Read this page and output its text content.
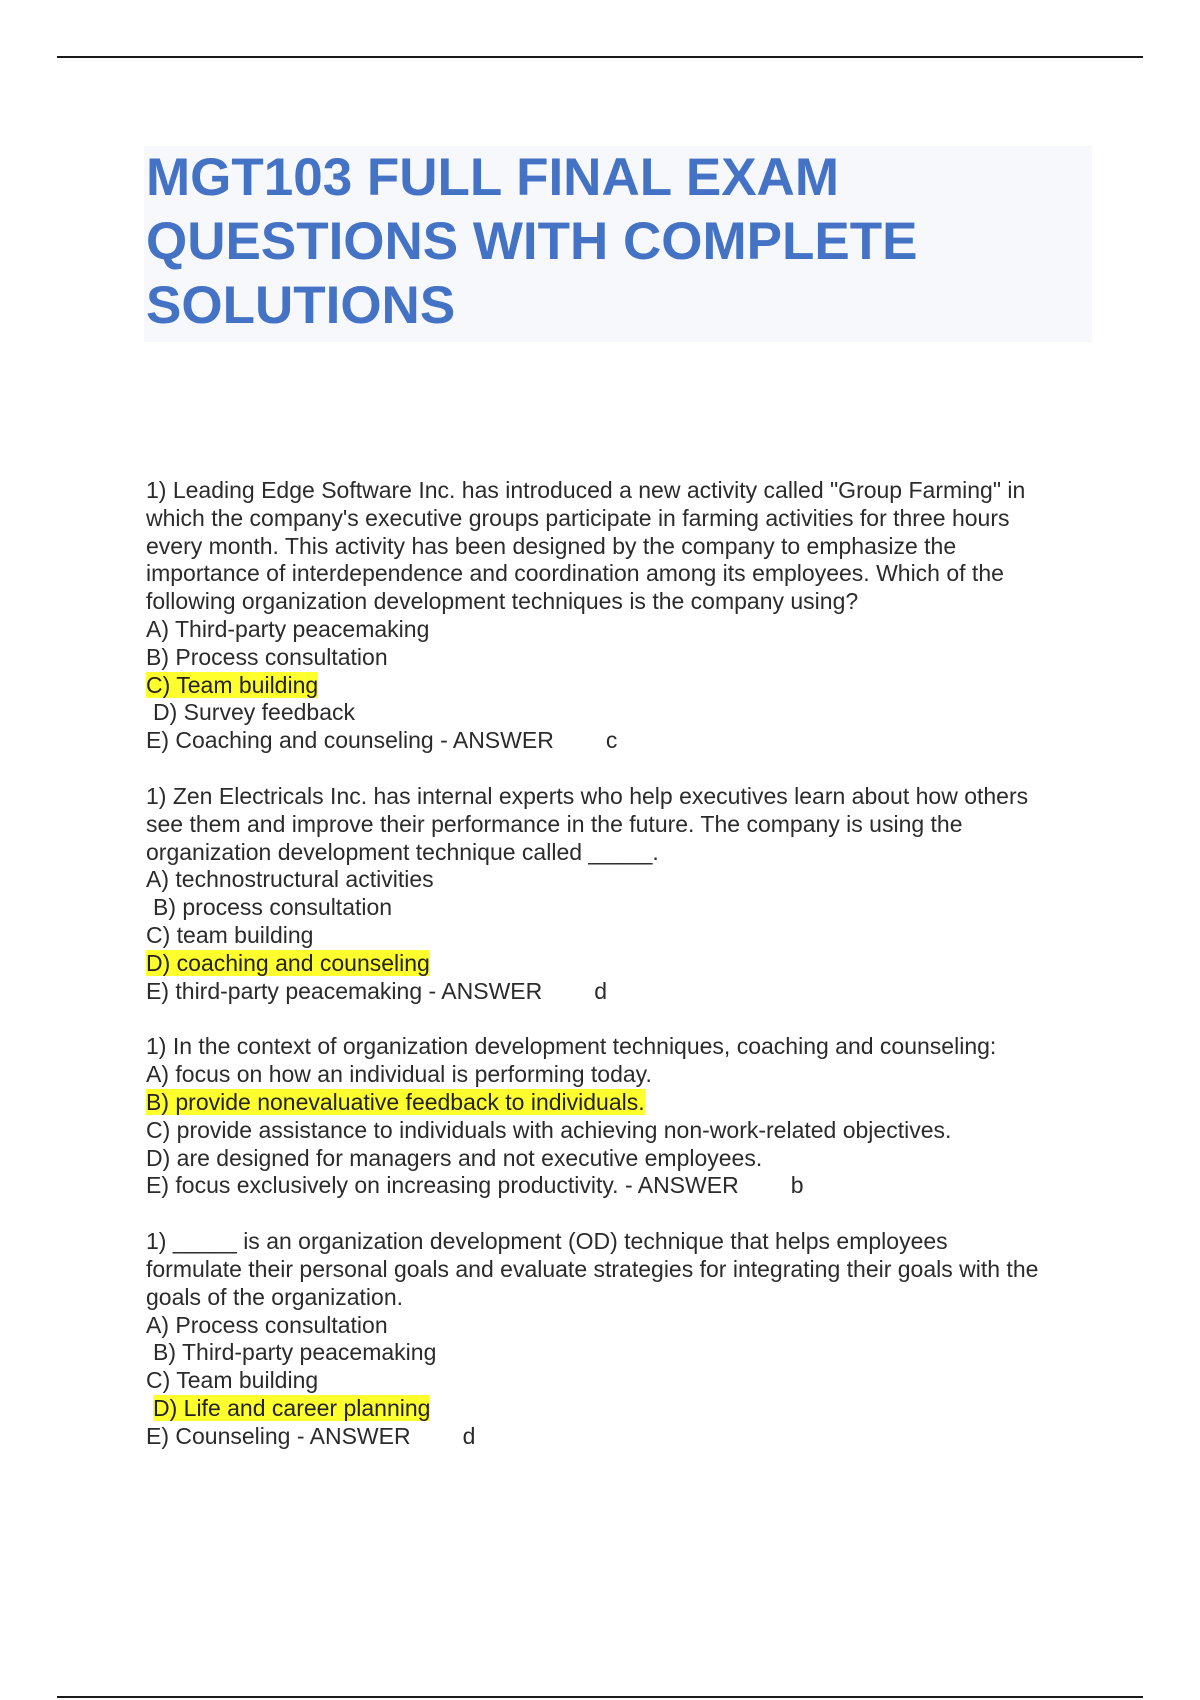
MGT103 FULL FINAL EXAM
QUESTIONS WITH COMPLETE
SOLUTIONS
1) Leading Edge Software Inc. has introduced a new activity called "Group Farming" in
which the company's executive groups participate in farming activities for three hours
every month. This activity has been designed by the company to emphasize the
importance of interdependence and coordination among its employees. Which of the
following organization development techniques is the company using?
A) Third-party peacemaking
B) Process consultation
C) Team building
D) Survey feedback
E) Coaching and counseling - ANSWER c
1) Zen Electricals Inc. has internal experts who help executives learn about how others
see them and improve their performance in the future. The company is using the
organization development technique called _____.
A) technostructural activities
B) process consultation
C) team building
D) coaching and counseling
E) third-party peacemaking - ANSWER d
1) In the context of organization development techniques, coaching and counseling:
A) focus on how an individual is performing today.
B) provide nonevaluative feedback to individuals.
C) provide assistance to individuals with achieving non-work-related objectives.
D) are designed for managers and not executive employees.
E) focus exclusively on increasing productivity. - ANSWER b
1) _____ is an organization development (OD) technique that helps employees
formulate their personal goals and evaluate strategies for integrating their goals with the
goals of the organization.
A) Process consultation
B) Third-party peacemaking
C) Team building
D) Life and career planning
E) Counseling - ANSWER d
